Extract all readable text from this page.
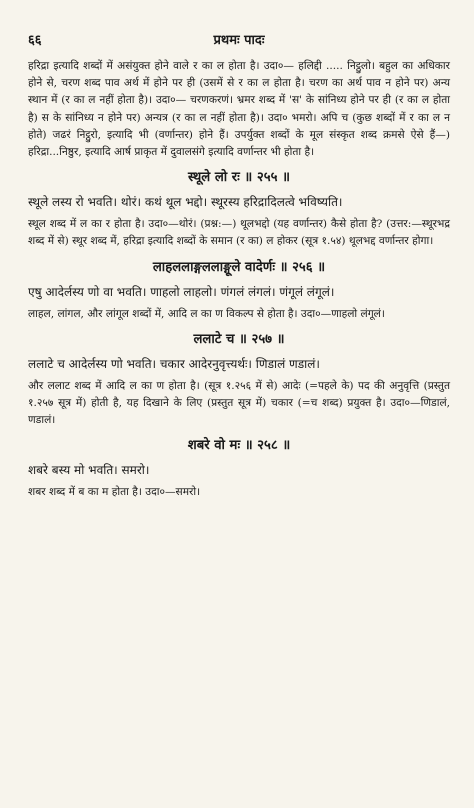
६६	प्रथमः पादः

हरिद्रा इत्यादि शब्दों में असंयुक्त होने वाले र का ल होता है। उदा०— हलिद्दी ..... निट्ठुलो। बहुल का अधिकार होने से, चरण शब्द पाव अर्थ में होने पर ही (उसमें से र का ल होता है। चरण का अर्थ पाव न होने पर) अन्य स्थान में (र का ल नहीं होता है)। उदा०— चरणकरणं। भ्रमर शब्द में 'स' के सांनिध्य होने पर ही (र का ल होता है) स के सांनिध्य न होने पर) अन्यत्र (र का ल नहीं होता है)। उदा० भमरो। अपि च (कुछ शब्दों में र का ल न होते) जढरं निट्ठुरो, इत्यादि भी (वर्णान्तर) होने हैं। उपर्युक्त शब्दों के मूल संस्कृत शब्द क्रमसे ऐसे हैं—) हरिद्रा...निष्ठुर, इत्यादि आर्ष प्राकृत में दुवालसंगे इत्यादि वर्णान्तर भी होता है।

स्थूले लो रः ॥ २५५ ॥

स्थूले लस्य रो भवति। थोरं। कथं थूल भद्दो। स्थूरस्य हरिद्रादिलत्वे भविष्यति।

स्थूल शब्द में ल का र होता है। उदा०—थोरं। (प्रश्न:—) थूलभद्दो (यह वर्णान्तर) कैसे होता है? (उत्तर:—स्थूरभद्र शब्द में से) स्थूर शब्द में, हरिद्रा इत्यादि शब्दों के समान (र का) ल होकर (सूत्र १.५४) थूलभद्द वर्णान्तर होगा।

लाहललाङ्गललाङ्गूले वादेर्णः ॥ २५६ ॥

एषु आदेर्लस्य णो वा भवति। णाहलो लाहलो। णंगलं लंगलं। णंगूलं लंगूलं।

लाहल, लांगल, और लांगूल शब्दों में, आदि ल का ण विकल्प से होता है। उदा०—णाहलो लंगूलं।

ललाटे च ॥ २५७ ॥

ललाटे च आदेर्लस्य णो भवति। चकार आदेरनुवृत्त्यर्थः। णिडालं णडालं।

और ललाट शब्द में आदि ल का ण होता है। (सूत्र १.२५६ में से) आदेः (=पहले के) पद की अनुवृत्ति (प्रस्तुत १.२५७ सूत्र में) होती है, यह दिखाने के लिए (प्रस्तुत सूत्र में) चकार (=च शब्द) प्रयुक्त है। उदा०—णिडालं, णडालं।

शबरे वो मः ॥ २५८ ॥

शबरे बस्य मो भवति। समरो।

शबर शब्द में ब का म होता है। उदा०—समरो।
